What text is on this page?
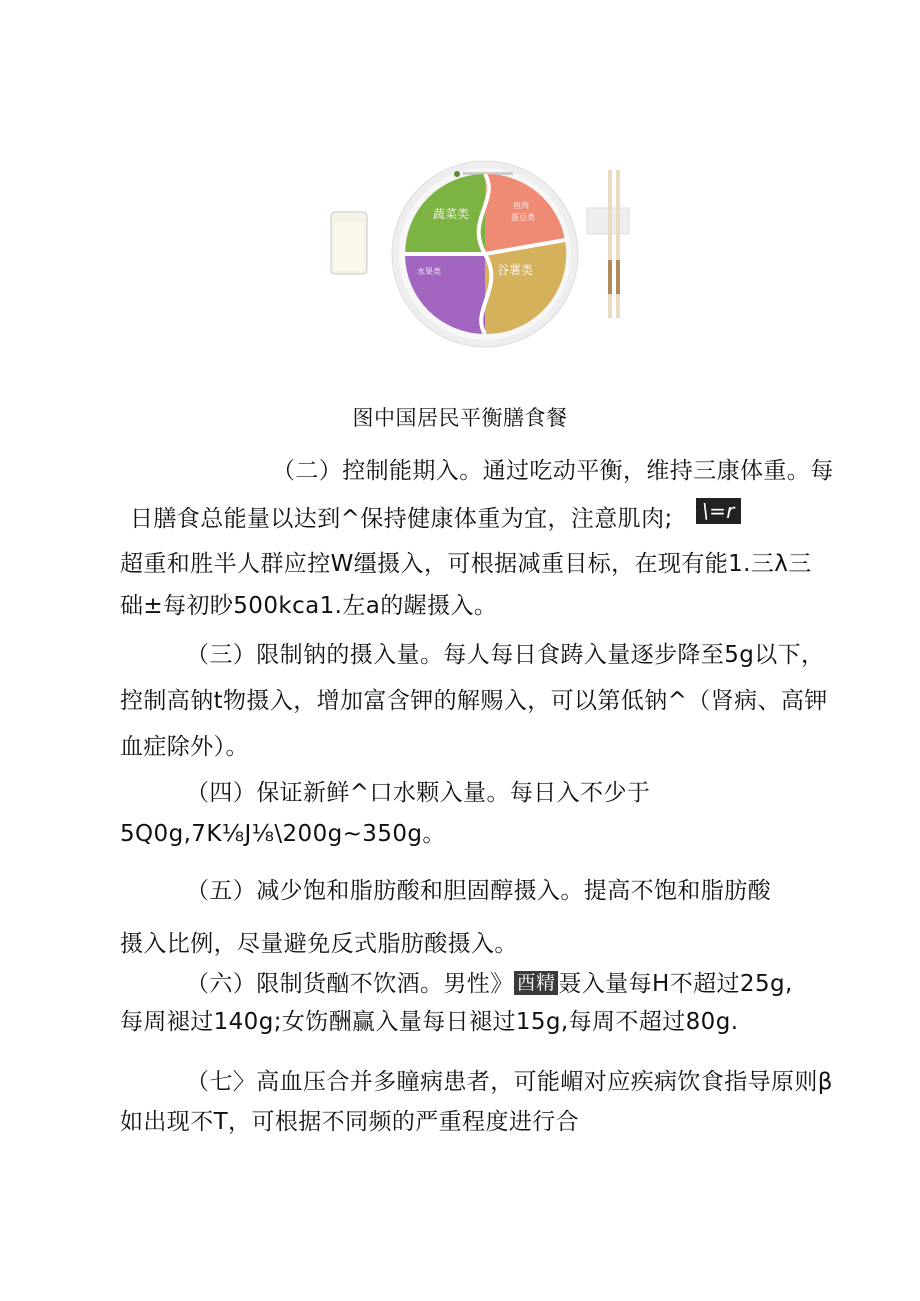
蔬菜类
鱼肉
蛋豆类
水果类	谷薯类
图中国居民平衡膳食餐
（二）控制能期入。通过吃动平衡，维持三康体重。每
日膳食总能量以达到^保持健康体重为宜，注意肌肉;	\=r
超重和胜半人群应控W缰摄入，可根据减重目标，在现有能1.三λ三
础±每初眇500kca1.左a的龌摄入。
（三）限制钠的摄入量。每人每日食踌入量逐步降至5g以下，
控制高钠t物摄入，增加富含钾的解赐入，可以第低钠^（肾病、高钾
血症除外）。
（四）保证新鲜^口水颗入量。每日入不少于
5Q0g,7K⅛J⅛\200g~350g。
（五）减少饱和脂肪酸和胆固醇摄入。提高不饱和脂肪酸
摄入比例，尽量避免反式脂肪酸摄入。
（六）限制货酗不饮酒。男性》 酉精 聂入量每H不超过25g,
每周褪过140g;女饬酬赢入量每日褪过15g,每周不超过80g.
（七〉高血压合并多瞳病患者，可能嵋对应疾病饮食指导原则β
如出现不T，可根据不同频的严重程度进行合
